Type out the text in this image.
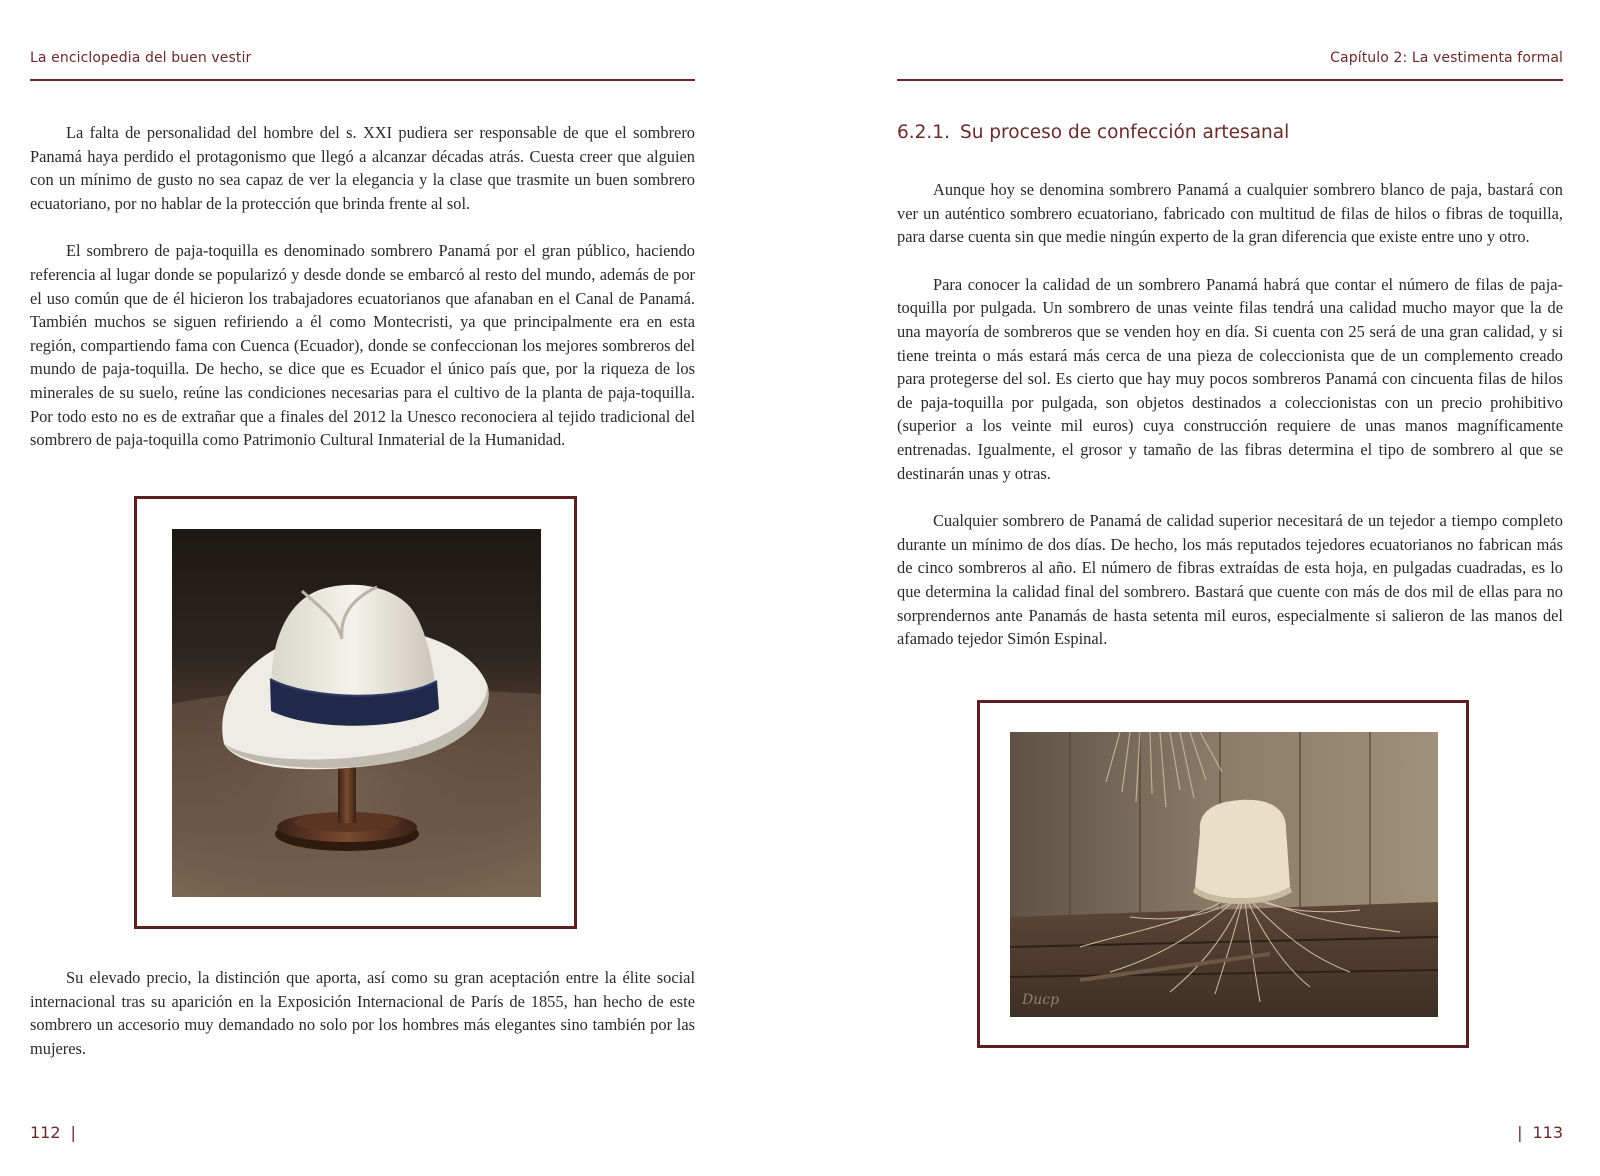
La enciclopedia del buen vestir

La falta de personalidad del hombre del s. XXI pudiera ser responsable de que el sombrero Panamá haya perdido el protagonismo que llegó a alcanzar décadas atrás. Cuesta creer que alguien con un mínimo de gusto no sea capaz de ver la elegancia y la clase que trasmite un buen sombrero ecuatoriano, por no hablar de la protección que brinda frente al sol.

El sombrero de paja-toquilla es denominado sombrero Panamá por el gran público, haciendo referencia al lugar donde se popularizó y desde donde se embarcó al resto del mundo, además de por el uso común que de él hicieron los trabajadores ecuatorianos que afanaban en el Canal de Panamá. También muchos se siguen refiriendo a él como Montecristi, ya que principalmente era en esta región, compartiendo fama con Cuenca (Ecuador), donde se confeccionan los mejores sombreros del mundo de paja-toquilla. De hecho, se dice que es Ecuador el único país que, por la riqueza de los minerales de su suelo, reúne las condiciones necesarias para el cultivo de la planta de paja-toquilla. Por todo esto no es de extrañar que a finales del 2012 la Unesco reconociera al tejido tradicional del sombrero de paja-toquilla como Patrimonio Cultural Inmaterial de la Humanidad.

Su elevado precio, la distinción que aporta, así como su gran aceptación entre la élite social internacional tras su aparición en la Exposición Internacional de París de 1855, han hecho de este sombrero un accesorio muy demandado no solo por los hombres más elegantes sino también por las mujeres.

112 |
Capítulo 2: La vestimenta formal
6.2.1. Su proceso de confección artesanal

Aunque hoy se denomina sombrero Panamá a cualquier sombrero blanco de paja, bastará con ver un auténtico sombrero ecuatoriano, fabricado con multitud de filas de hilos o fibras de toquilla, para darse cuenta sin que medie ningún experto de la gran diferencia que existe entre uno y otro.

Para conocer la calidad de un sombrero Panamá habrá que contar el número de filas de paja-toquilla por pulgada. Un sombrero de unas veinte filas tendrá una calidad mucho mayor que la de una mayoría de sombreros que se venden hoy en día. Si cuenta con 25 será de una gran calidad, y si tiene treinta o más estará más cerca de una pieza de coleccionista que de un complemento creado para protegerse del sol. Es cierto que hay muy pocos sombreros Panamá con cincuenta filas de hilos de paja-toquilla por pulgada, son objetos destinados a coleccionistas con un precio prohibitivo (superior a los veinte mil euros) cuya construcción requiere de unas manos magníficamente entrenadas. Igualmente, el grosor y tamaño de las fibras determina el tipo de sombrero al que se destinarán unas y otras.

Cualquier sombrero de Panamá de calidad superior necesitará de un tejedor a tiempo completo durante un mínimo de dos días. De hecho, los más reputados tejedores ecuatorianos no fabrican más de cinco sombreros al año. El número de fibras extraídas de esta hoja, en pulgadas cuadradas, es lo que determina la calidad final del sombrero. Bastará que cuente con más de dos mil de ellas para no sorprendernos ante Panamás de hasta setenta mil euros, especialmente si salieron de las manos del afamado tejedor Simón Espinal.

Ducp
| 113
